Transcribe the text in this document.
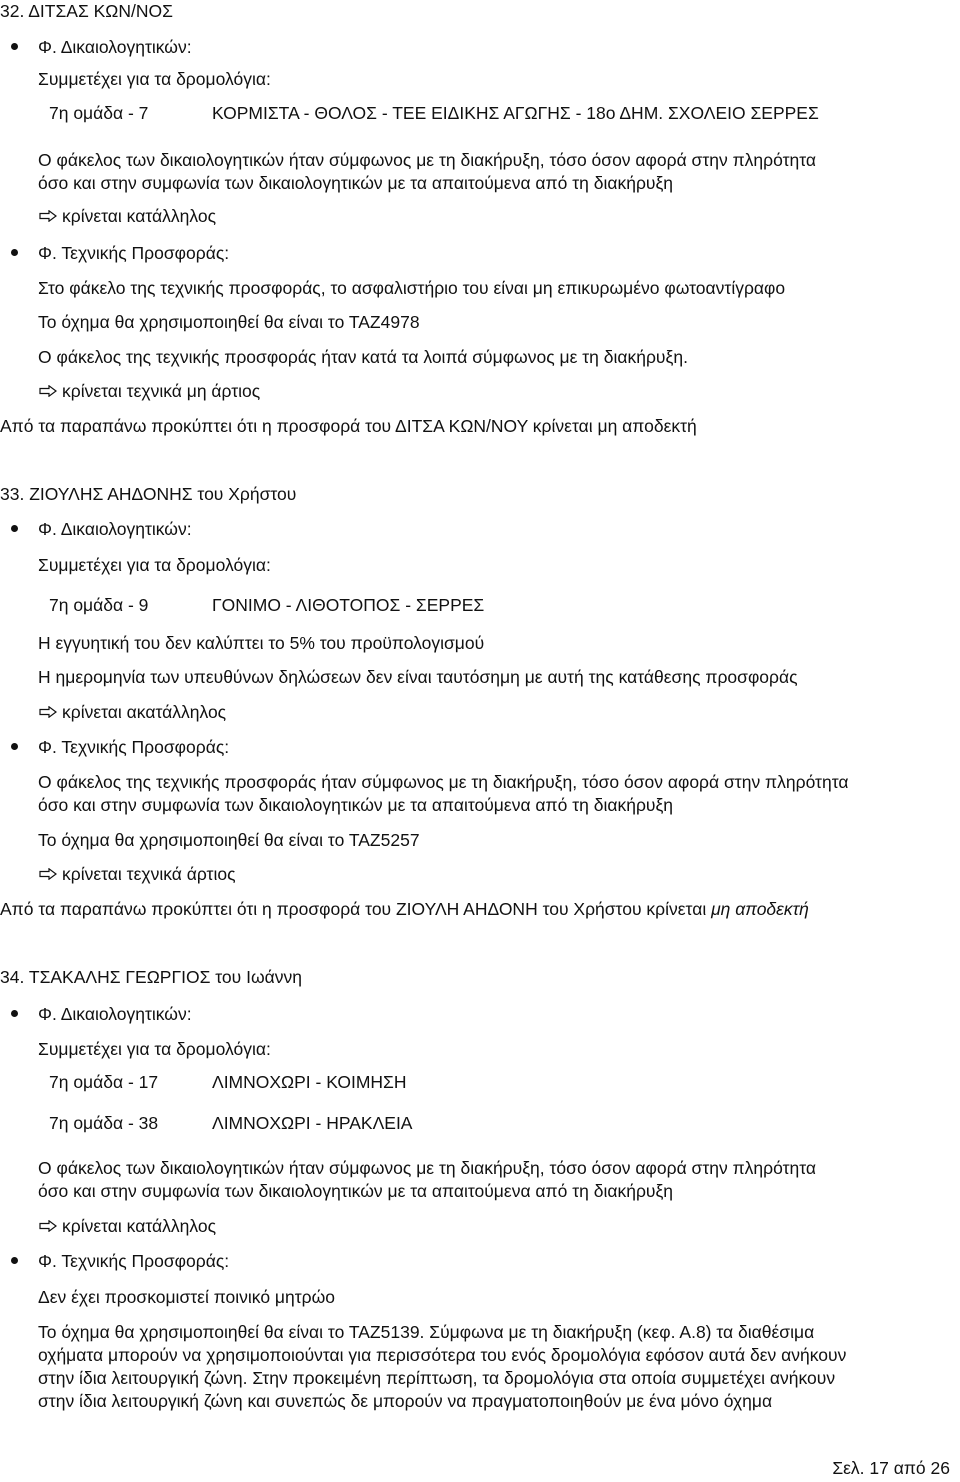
32. ΔΙΤΣΑΣ ΚΩΝ/ΝΟΣ
Φ. Δικαιολογητικών:
Συμμετέχει για τα δρομολόγια:
7η ομάδα - 7	ΚΟΡΜΙΣΤΑ - ΘΟΛΟΣ - ΤΕΕ ΕΙΔΙΚΗΣ ΑΓΩΓΗΣ - 18ο ΔΗΜ. ΣΧΟΛΕΙΟ ΣΕΡΡΕΣ
Ο φάκελος των δικαιολογητικών ήταν σύμφωνος με τη διακήρυξη, τόσο όσον αφορά στην πληρότητα
όσο και στην συμφωνία των δικαιολογητικών με τα απαιτούμενα από τη διακήρυξη
κρίνεται κατάλληλος
Φ. Τεχνικής Προσφοράς:
Στο φάκελο της τεχνικής προσφοράς, το ασφαλιστήριο του είναι μη επικυρωμένο φωτοαντίγραφο
Το όχημα θα χρησιμοποιηθεί θα είναι το ΤΑΖ4978
Ο φάκελος της τεχνικής προσφοράς ήταν κατά τα λοιπά σύμφωνος με τη διακήρυξη.
κρίνεται τεχνικά μη άρτιος
Από τα παραπάνω προκύπτει ότι η προσφορά του ΔΙΤΣΑ ΚΩΝ/ΝΟΥ κρίνεται μη αποδεκτή
33. ΖΙΟΥΛΗΣ ΑΗΔΟΝΗΣ του Χρήστου
Φ. Δικαιολογητικών:
Συμμετέχει για τα δρομολόγια:
7η ομάδα - 9	ΓΟΝΙΜΟ - ΛΙΘΟΤΟΠΟΣ - ΣΕΡΡΕΣ
Η εγγυητική του δεν καλύπτει το 5% του προϋπολογισμού
Η ημερομηνία των υπευθύνων δηλώσεων δεν είναι ταυτόσημη με αυτή της κατάθεσης προσφοράς
κρίνεται ακατάλληλος
Φ. Τεχνικής Προσφοράς:
Ο φάκελος της τεχνικής προσφοράς ήταν σύμφωνος με τη διακήρυξη, τόσο όσον αφορά στην πληρότητα
όσο και στην συμφωνία των δικαιολογητικών με τα απαιτούμενα από τη διακήρυξη
Το όχημα θα χρησιμοποιηθεί θα είναι το ΤΑΖ5257
κρίνεται τεχνικά άρτιος
Από τα παραπάνω προκύπτει ότι η προσφορά του ΖΙΟΥΛΗ ΑΗΔΟΝΗ του Χρήστου κρίνεται μη αποδεκτή
34. ΤΣΑΚΑΛΗΣ ΓΕΩΡΓΙΟΣ του Ιωάννη
Φ. Δικαιολογητικών:
Συμμετέχει για τα δρομολόγια:
7η ομάδα - 17	ΛΙΜΝΟΧΩΡΙ - ΚΟΙΜΗΣΗ
7η ομάδα - 38	ΛΙΜΝΟΧΩΡΙ - ΗΡΑΚΛΕΙΑ
Ο φάκελος των δικαιολογητικών ήταν σύμφωνος με τη διακήρυξη, τόσο όσον αφορά στην πληρότητα
όσο και στην συμφωνία των δικαιολογητικών με τα απαιτούμενα από τη διακήρυξη
κρίνεται κατάλληλος
Φ. Τεχνικής Προσφοράς:
Δεν έχει προσκομιστεί ποινικό μητρώο
Το όχημα θα χρησιμοποιηθεί θα είναι το ΤΑΖ5139. Σύμφωνα με τη διακήρυξη (κεφ. Α.8) τα διαθέσιμα
οχήματα μπορούν να χρησιμοποιούνται για περισσότερα του ενός δρομολόγια εφόσον αυτά δεν ανήκουν
στην ίδια λειτουργική ζώνη. Στην προκειμένη περίπτωση, τα δρομολόγια στα οποία συμμετέχει ανήκουν
στην ίδια λειτουργική ζώνη και συνεπώς δε μπορούν να πραγματοποιηθούν με ένα μόνο όχημα
Σελ. 17 από 26
